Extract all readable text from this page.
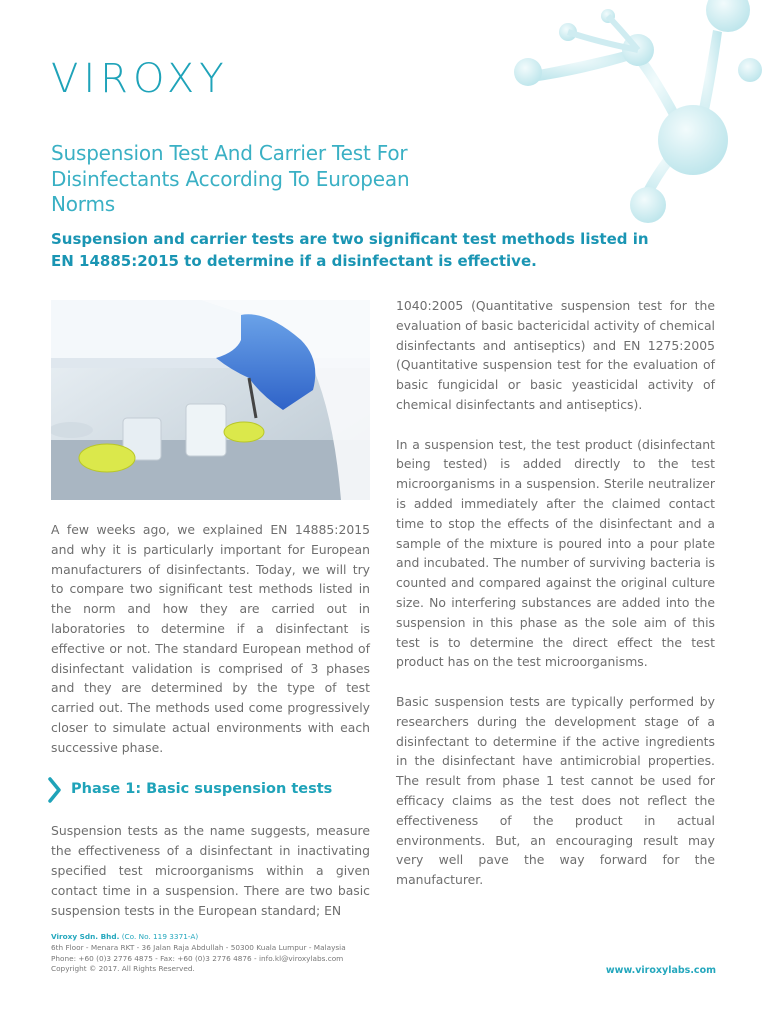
VIROXY
Suspension Test And Carrier Test For Disinfectants According To European Norms
Suspension and carrier tests are two significant test methods listed in EN 14885:2015 to determine if a disinfectant is effective.

A few weeks ago, we explained EN 14885:2015 and why it is particularly important for European manufacturers of disinfectants. Today, we will try to compare two significant test methods listed in the norm and how they are carried out in laboratories to determine if a disinfectant is effective or not. The standard European method of disinfectant validation is comprised of 3 phases and they are determined by the type of test carried out. The methods used come progressively closer to simulate actual environments with each successive phase.

Phase 1: Basic suspension tests

Suspension tests as the name suggests, measure the effectiveness of a disinfectant in inactivating specified test microorganisms within a given contact time in a suspension. There are two basic suspension tests in the European standard; EN

1040:2005 (Quantitative suspension test for the evaluation of basic bactericidal activity of chemical disinfectants and antiseptics) and EN 1275:2005 (Quantitative suspension test for the evaluation of basic fungicidal or basic yeasticidal activity of chemical disinfectants and antiseptics).

In a suspension test, the test product (disinfectant being tested) is added directly to the test microorganisms in a suspension. Sterile neutralizer is added immediately after the claimed contact time to stop the effects of the disinfectant and a sample of the mixture is poured into a pour plate and incubated. The number of surviving bacteria is counted and compared against the original culture size. No interfering substances are added into the suspension in this phase as the sole aim of this test is to determine the direct effect the test product has on the test microorganisms.

Basic suspension tests are typically performed by researchers during the development stage of a disinfectant to determine if the active ingredients in the disinfectant have antimicrobial properties. The result from phase 1 test cannot be used for efficacy claims as the test does not reflect the effectiveness of the product in actual environments. But, an encouraging result may very well pave the way forward for the manufacturer.

Viroxy Sdn. Bhd. (Co. No. 119 3371-A)
6th Floor - Menara RKT - 36 Jalan Raja Abdullah - 50300 Kuala Lumpur - Malaysia
Phone: +60 (0)3 2776 4875 - Fax: +60 (0)3 2776 4876 - info.kl@viroxylabs.com
Copyright © 2017. All Rights Reserved.	www.viroxylabs.com
